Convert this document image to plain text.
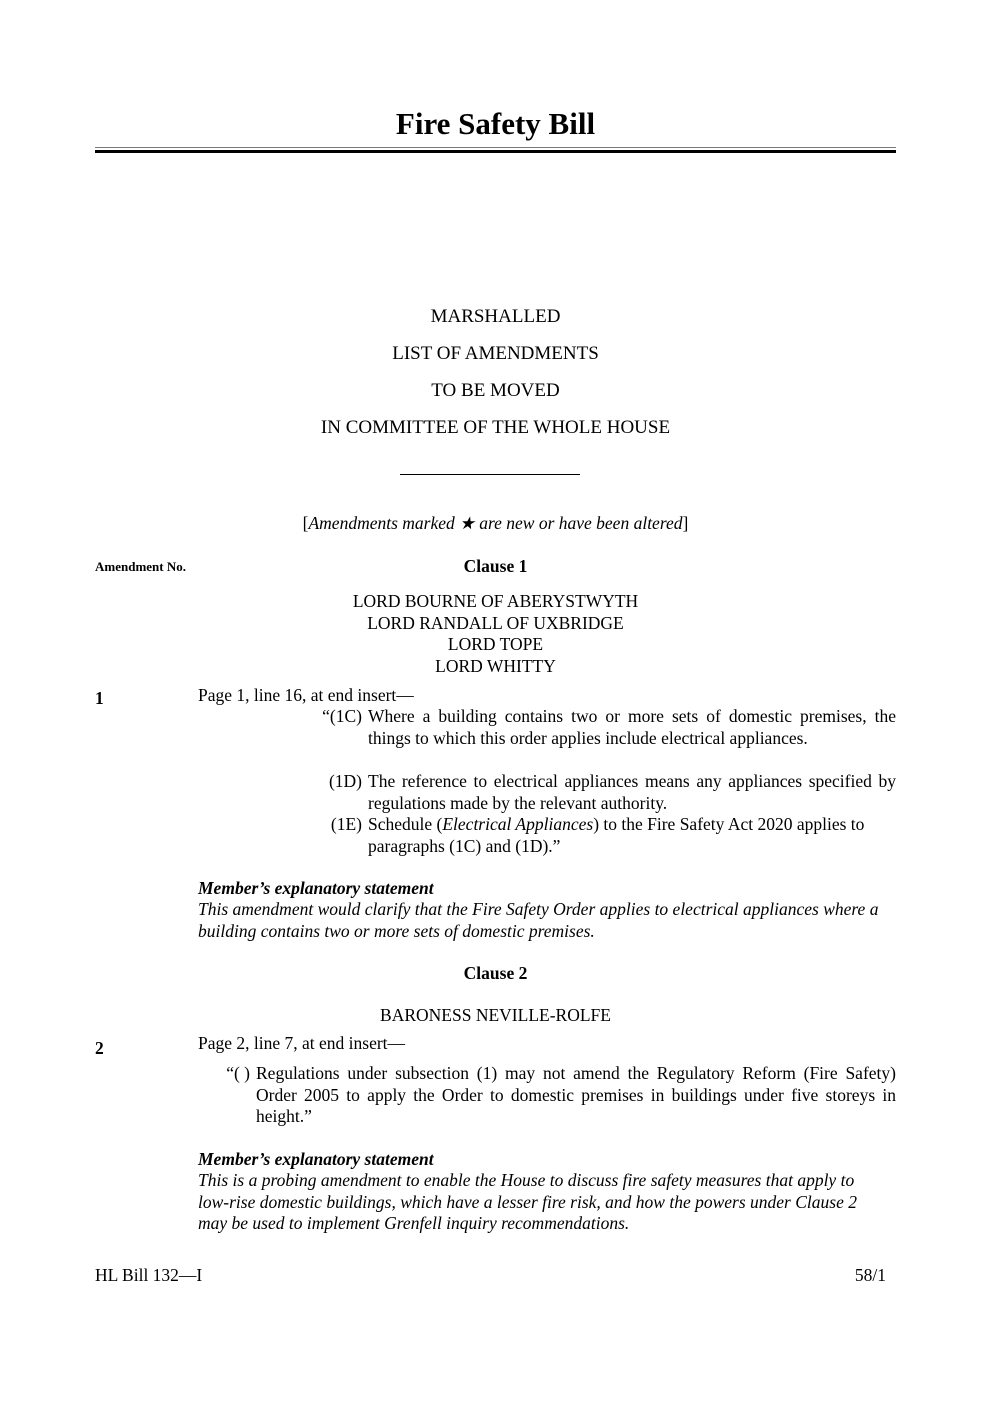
Fire Safety Bill
MARSHALLED
LIST OF AMENDMENTS
TO BE MOVED
IN COMMITTEE OF THE WHOLE HOUSE
[Amendments marked ★ are new or have been altered]
Amendment No.	Clause 1
LORD BOURNE OF ABERYSTWYTH
LORD RANDALL OF UXBRIDGE
LORD TOPE
LORD WHITTY
1	Page 1, line 16, at end insert—
“(1C) Where a building contains two or more sets of domestic premises, the things to which this order applies include electrical appliances.
(1D) The reference to electrical appliances means any appliances specified by regulations made by the relevant authority.
(1E) Schedule (Electrical Appliances) to the Fire Safety Act 2020 applies to paragraphs (1C) and (1D).”
Member’s explanatory statement
This amendment would clarify that the Fire Safety Order applies to electrical appliances where a building contains two or more sets of domestic premises.
Clause 2
BARONESS NEVILLE-ROLFE
2	Page 2, line 7, at end insert—
“( ) Regulations under subsection (1) may not amend the Regulatory Reform (Fire Safety) Order 2005 to apply the Order to domestic premises in buildings under five storeys in height.”
Member’s explanatory statement
This is a probing amendment to enable the House to discuss fire safety measures that apply to low-rise domestic buildings, which have a lesser fire risk, and how the powers under Clause 2 may be used to implement Grenfell inquiry recommendations.
HL Bill 132—I	58/1
